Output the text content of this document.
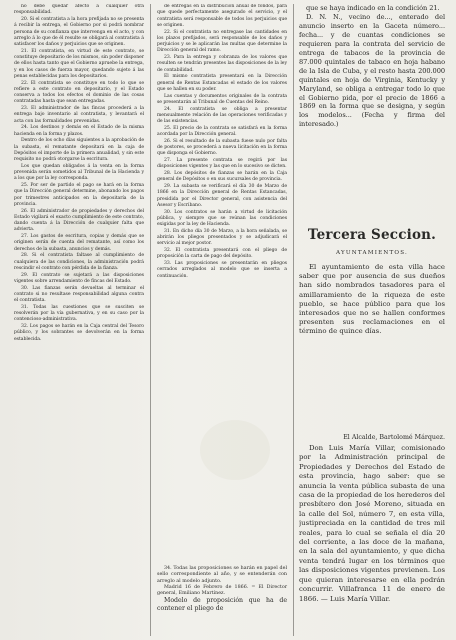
no debe quedar afecto á cualquier otra responsabilidad.

20. Si el contratista a la hora prefijada no se presenta á recibir la entrega, el Gobierno por si podrá nombrar persona de su confianza que intervenga en el acto, y con arreglo á lo que de él resulte se obligará al contratista á satisfacer los daños y perjuicios que se originen.

21. El contratista, en virtud de este contrato, se constituye depositario de los mismos, sin poder disponer de ellos hasta tanto que el Gobierno apruebe la entrega, y en los casos de fuerza mayor, quedando sujeto á las penas establecidas para los depositarios.

22. El contratista se constituye en todo lo que se refiere a este contrato en depositario, y el Estado conserva a todos los efectos el dominio de las cosas contratadas hasta que sean entregadas.

23. El administrador de las fincas procederá a la entrega bajo inventario al contratista, y levantará el acta con las formalidades prevenidas.

24. Los destinos y demás en el Estado de la misma hacienda en la forma y plazos.

Dentro de los ocho días siguientes a la aprobación de la subasta, el rematante depositará en la caja de Depósitos el importe de la primera anualidad, y sin este requisito no podrá otorgarse la escritura.

Los que quedan obligados á la venta en la forma prevenida serán sometidos al Tribunal de la Hacienda y a los que por la ley corresponda.

25. Por ser de partido el pago se hará en la forma que la Dirección general determine, abonando los pagos por trimestres anticipados en la depositaría de la provincia.

26. El administrador de propiedades y derechos del Estado vigilará el exacto cumplimiento de este contrato, dando cuenta á la Dirección de cualquier falta que advierta.

27. Los gastos de escritura, copias y demás que se originen serán de cuenta del rematante, así como los derechos de la subasta, anuncios y demás.

28. Si el contratista faltase al cumplimiento de cualquiera de las condiciones, la administración podrá rescindir el contrato con pérdida de la fianza.

29. El contrato se sujetará a las disposiciones vigentes sobre arrendamiento de fincas del Estado.

30. Las fianzas serán devueltas al terminar el contrato si no resultase responsabilidad alguna contra el contratista.

31. Todas las cuestiones que se susciten se resolverán por la vía gubernativa, y en su caso por la contencioso-administrativa.

32. Los pagos se harán en la Caja central del Tesoro público, y los sobrantes se devolverán en la forma establecida.

de entregas en la distribución anual de fondos, para que quede perfectamente asegurado el servicio, y el contratista será responsable de todos los perjuicios que se originen.

22. Si el contratista no entregase las cantidades en los plazos prefijados, será responsable de los daños y perjuicios y se le aplicarán las multas que determine la Dirección general del ramo.

23. Para la entrega y cobranza de los valores que resulten se tendrán presentes las disposiciones de la ley de contabilidad.

El mismo contratista presentará en la Dirección general de Rentas Estancadas el estado de los valores que se hallen en su poder.

Las cuentas y documentos originales de la contrata se presentarán al Tribunal de Cuentas del Reino.

24. El contratista se obliga a presentar mensualmente relación de las operaciones verificadas y de las existencias.

25. El precio de la contrata se satisfará en la forma acordada por la Dirección general.

26. Si el resultado de la subasta fuese nulo por falta de postores, se procederá a nueva licitación en la forma que disponga el Gobierno.

27. La presente contrata se regirá por las disposiciones vigentes y las que en lo sucesivo se dicten.

28. Los depósitos de fianzas se harán en la Caja general de Depósitos o en sus sucursales de provincia.

29. La subasta se verificará el día 30 de Marzo de 1866 en la Dirección general de Rentas Estancadas, presidida por el Director general, con asistencia del Asesor y Escribano.

30. Los contratos se harán a virtud de licitación pública, y siempre que se reúnan las condiciones exigidas por la ley de Hacienda.

31. En dicho día 30 de Marzo, a la hora señalada, se abrirán los pliegos presentados y se adjudicará el servicio al mejor postor.

32. El contratista presentará con el pliego de proposición la carta de pago del depósito.

33. Las proposiciones se presentarán en pliegos cerrados arreglados al modelo que se inserta a continuación.

34. Todas las proposiciones se harán en papel del sello correspondiente al año, y se entenderán con arreglo al modelo adjunto.

Madrid 16 de Febrero de 1866. = El Director general, Emiliano Martínez.

Modelo de proposición que ha de contener el pliego de

que se haya indicado en la condición 21.

D. N. N., vecino de..., enterado del anuncio inserto en la Gaceta número... fecha... y de cuantas condiciones se requieren para la contrata del servicio de entrega de tabacos de la provincia de 87.000 quintales de tabaco en hoja habano de la Isla de Cuba, y el resto hasta 200.000 quintales en hoja de Virginia, Kentucky y Maryland, se obliga a entregar todo lo que el Gobierno pida, por el precio de 1866 a 1869 en la forma que se designa, y según los modelos... (Fecha y firma del interesado.)

Tercera Seccion.
AYUNTAMIENTOS.

El ayuntamiento de esta villa hace saber que por ausencia de sus dueños han sido nombrados tasadores para el amillaramiento de la riqueza de este pueblo, se hace público para que los interesados que no se hallen conformes presenten sus reclamaciones en el término de quince días.

El Alcalde, Bartolomé Márquez.

Don Luis María Villar, comisionado por la Administración principal de Propiedades y Derechos del Estado de esta provincia, hago saber: que se anuncia la venta pública subasta de una casa de la propiedad de los herederos del presbítero don José Moreno, situada en la calle del Sol, número 7, en esta villa, justipreciada en la cantidad de tres mil reales, para lo cual se señala el día 20 del corriente, a las doce de la mañana, en la sala del ayuntamiento, y que dicha venta tendrá lugar en los términos que las disposiciones vigentes previenen. Los que quieran interesarse en ella podrán concurrir. Villafranca 11 de enero de 1866. — Luis María Villar.
